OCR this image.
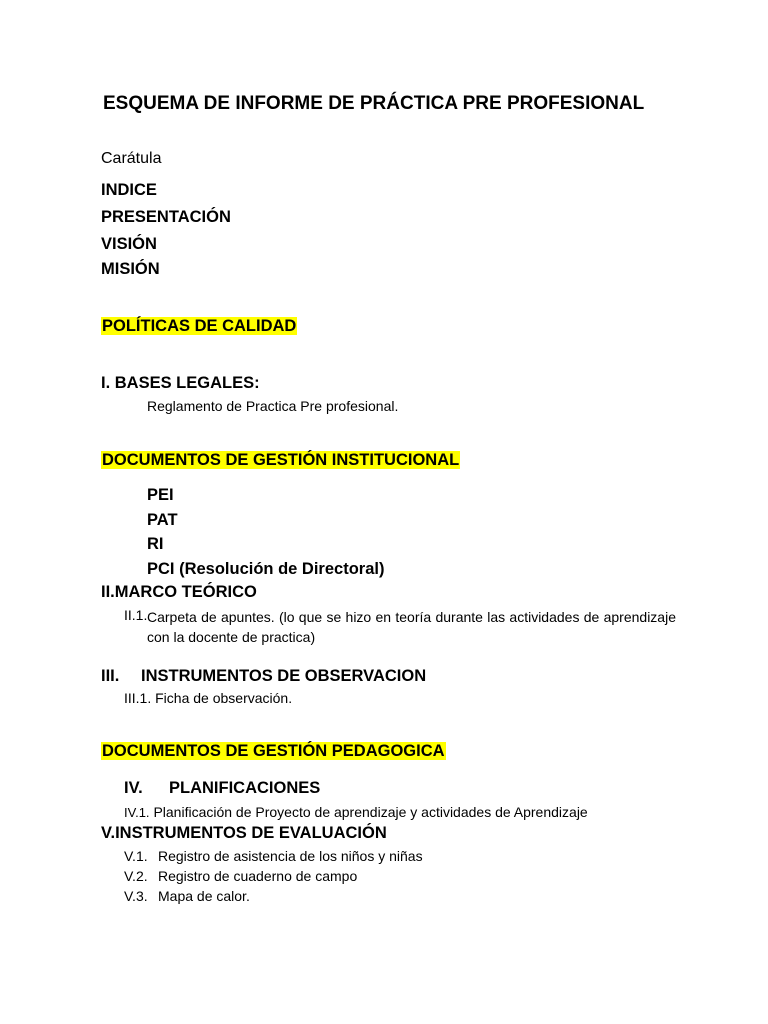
ESQUEMA DE INFORME DE PRÁCTICA PRE PROFESIONAL
Carátula
INDICE
PRESENTACIÓN
VISIÓN
MISIÓN
POLÍTICAS DE CALIDAD
I. BASES LEGALES:
Reglamento de Practica Pre profesional.
DOCUMENTOS DE GESTIÓN INSTITUCIONAL
PEI
PAT
RI
PCI (Resolución de Directoral)
II.MARCO TEÓRICO
II.1. Carpeta de apuntes. (lo que se hizo en teoría durante las actividades de aprendizaje con la docente de practica)
III. INSTRUMENTOS DE OBSERVACION
III.1. Ficha de observación.
DOCUMENTOS DE GESTIÓN PEDAGOGICA
IV. PLANIFICACIONES
IV.1. Planificación de Proyecto de aprendizaje y actividades de Aprendizaje
V.INSTRUMENTOS DE EVALUACIÓN
V.1. Registro de asistencia de los niños y niñas
V.2. Registro de cuaderno de campo
V.3. Mapa de calor.
